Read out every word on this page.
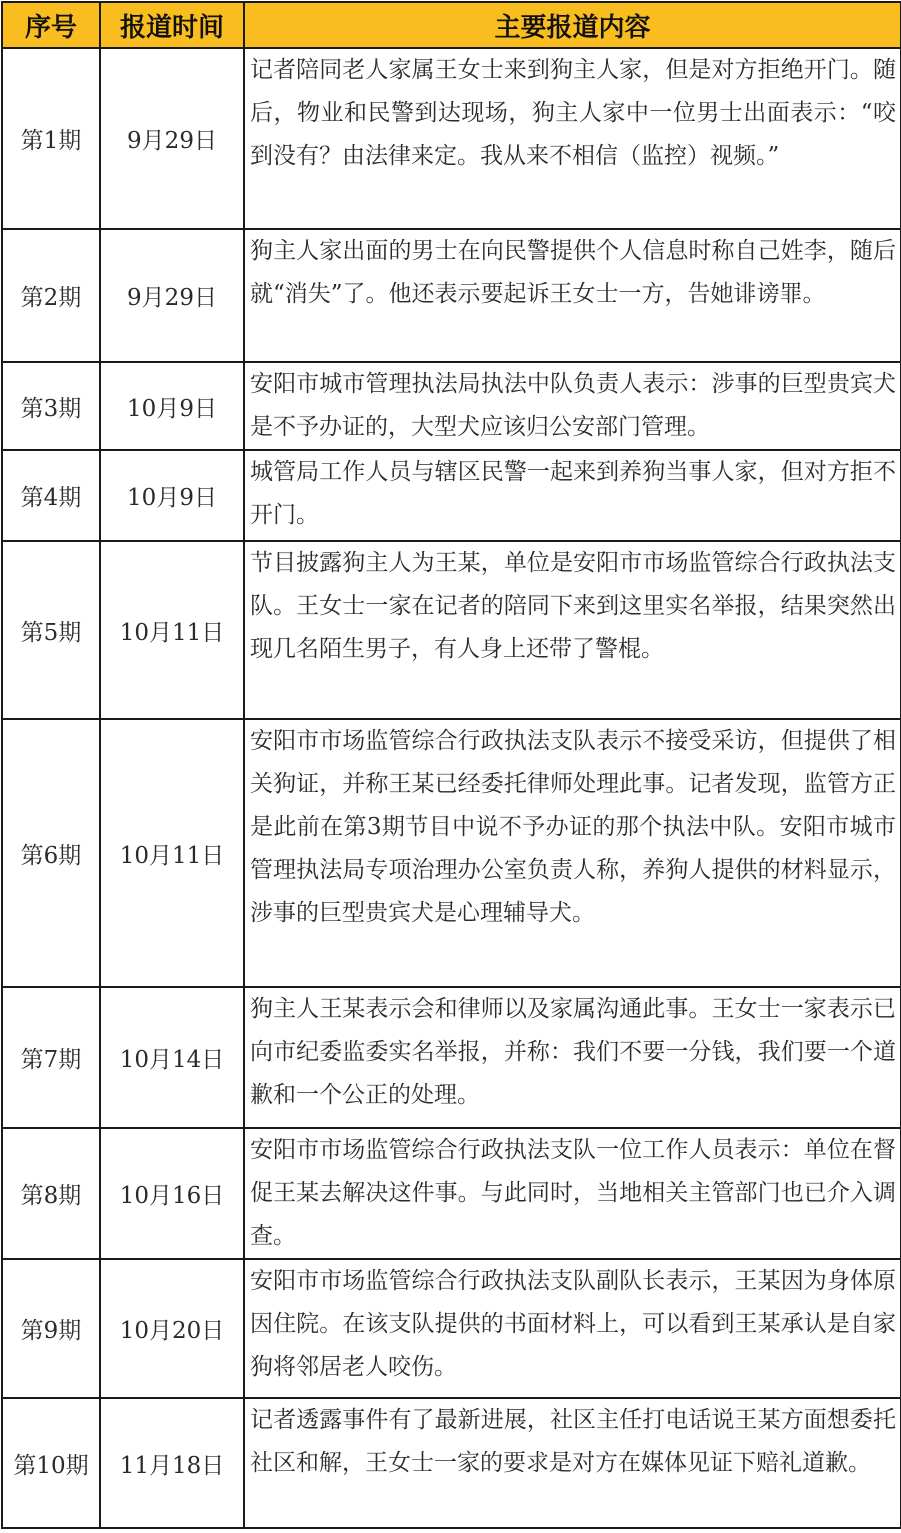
序号	报道时间	主要报道内容
第1期	9月29日	记者陪同老人家属王女士来到狗主人家，但是对方拒绝开门。随后，物业和民警到达现场，狗主人家中一位男士出面表示：“咬到没有？由法律来定。我从来不相信（监控）视频。”
第2期	9月29日	狗主人家出面的男士在向民警提供个人信息时称自己姓李，随后就“消失”了。他还表示要起诉王女士一方，告她诽谤罪。
第3期	10月9日	安阳市城市管理执法局执法中队负责人表示：涉事的巨型贵宾犬是不予办证的，大型犬应该归公安部门管理。
第4期	10月9日	城管局工作人员与辖区民警一起来到养狗当事人家，但对方拒不开门。
第5期	10月11日	节目披露狗主人为王某，单位是安阳市市场监管综合行政执法支队。王女士一家在记者的陪同下来到这里实名举报，结果突然出现几名陌生男子，有人身上还带了警棍。
第6期	10月11日	安阳市市场监管综合行政执法支队表示不接受采访，但提供了相关狗证，并称王某已经委托律师处理此事。记者发现，监管方正是此前在第3期节目中说不予办证的那个执法中队。安阳市城市管理执法局专项治理办公室负责人称，养狗人提供的材料显示，涉事的巨型贵宾犬是心理辅导犬。
第7期	10月14日	狗主人王某表示会和律师以及家属沟通此事。王女士一家表示已向市纪委监委实名举报，并称：我们不要一分钱，我们要一个道歉和一个公正的处理。
第8期	10月16日	安阳市市场监管综合行政执法支队一位工作人员表示：单位在督促王某去解决这件事。与此同时，当地相关主管部门也已介入调查。
第9期	10月20日	安阳市市场监管综合行政执法支队副队长表示，王某因为身体原因住院。在该支队提供的书面材料上，可以看到王某承认是自家狗将邻居老人咬伤。
第10期	11月18日	记者透露事件有了最新进展，社区主任打电话说王某方面想委托社区和解，王女士一家的要求是对方在媒体见证下赔礼道歉。
